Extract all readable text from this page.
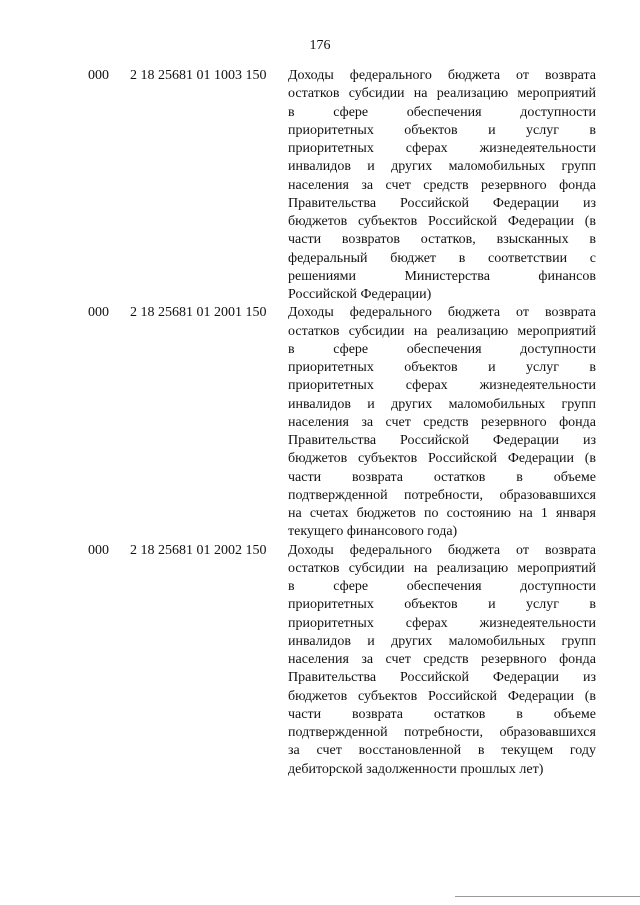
176
000 2 18 25681 01 1003 150 Доходы федерального бюджета от возврата
остатков субсидии на реализацию мероприятий
в сфере обеспечения доступности
приоритетных объектов и услуг в
приоритетных сферах жизнедеятельности
инвалидов и других маломобильных групп
населения за счет средств резервного фонда
Правительства Российской Федерации из
бюджетов субъектов Российской Федерации (в
части возвратов остатков, взысканных в
федеральный бюджет в соответствии с
решениями Министерства финансов
Российской Федерации)
000 2 18 25681 01 2001 150 Доходы федерального бюджета от возврата
остатков субсидии на реализацию мероприятий
в сфере обеспечения доступности
приоритетных объектов и услуг в
приоритетных сферах жизнедеятельности
инвалидов и других маломобильных групп
населения за счет средств резервного фонда
Правительства Российской Федерации из
бюджетов субъектов Российской Федерации (в
части возврата остатков в объеме
подтвержденной потребности, образовавшихся
на счетах бюджетов по состоянию на 1 января
текущего финансового года)
000 2 18 25681 01 2002 150 Доходы федерального бюджета от возврата
остатков субсидии на реализацию мероприятий
в сфере обеспечения доступности
приоритетных объектов и услуг в
приоритетных сферах жизнедеятельности
инвалидов и других маломобильных групп
населения за счет средств резервного фонда
Правительства Российской Федерации из
бюджетов субъектов Российской Федерации (в
части возврата остатков в объеме
подтвержденной потребности, образовавшихся
за счет восстановленной в текущем году
дебиторской задолженности прошлых лет)
